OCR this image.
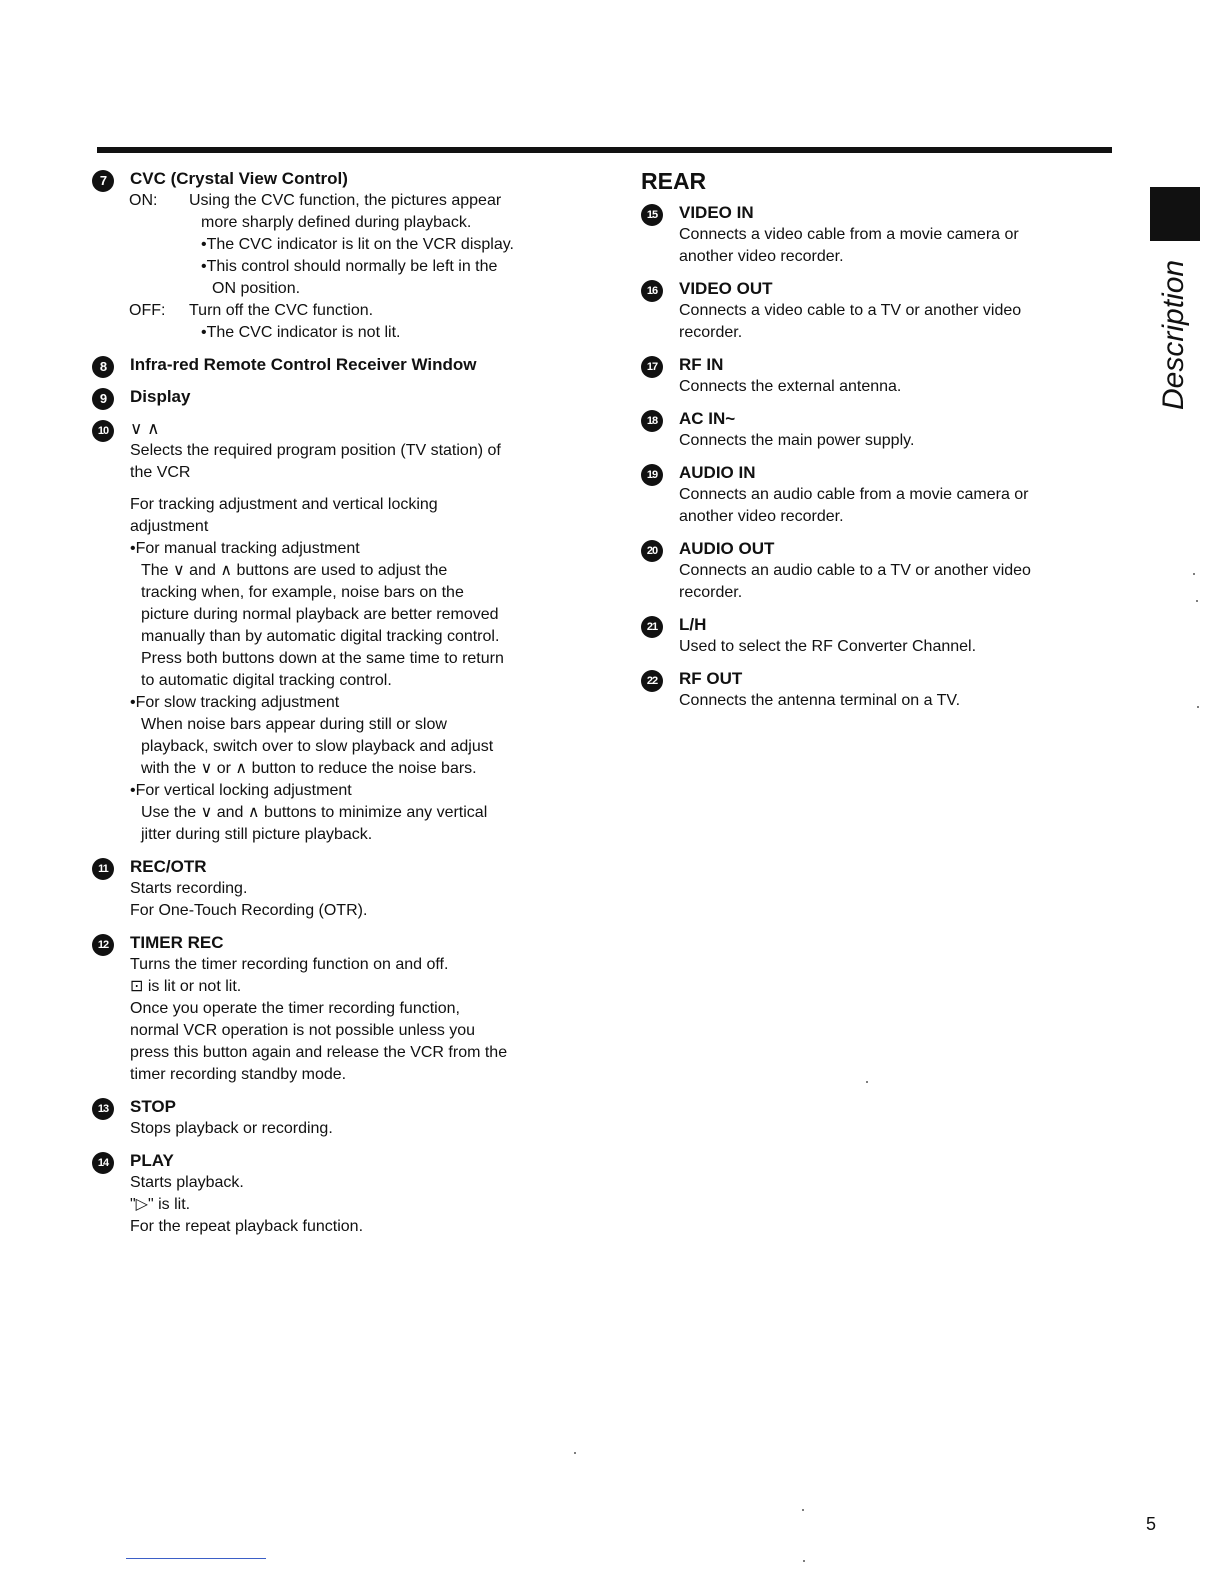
Description
7	CVC (Crystal View Control)

ON:	Using the CVC function, the pictures appear

more sharply defined during playback.

•The CVC indicator is lit on the VCR display.

•This control should normally be left in the

ON position.

OFF:	Turn off the CVC function.

•The CVC indicator is not lit.

8	Infra-red Remote Control Receiver Window

9	Display

10	∨ ∧

Selects the required program position (TV station) of

the VCR

For tracking adjustment and vertical locking

adjustment

•For manual tracking adjustment

The ∨ and ∧ buttons are used to adjust the

tracking when, for example, noise bars on the

picture during normal playback are better removed

manually than by automatic digital tracking control.

Press both buttons down at the same time to return

to automatic digital tracking control.

•For slow tracking adjustment

When noise bars appear during still or slow

playback, switch over to slow playback and adjust

with the ∨ or ∧ button to reduce the noise bars.

•For vertical locking adjustment

Use the ∨ and ∧ buttons to minimize any vertical

jitter during still picture playback.

11	REC/OTR

Starts recording.

For One-Touch Recording (OTR).

12	TIMER REC

Turns the timer recording function on and off.

⊡ is lit or not lit.

Once you operate the timer recording function,

normal VCR operation is not possible unless you

press this button again and release the VCR from the

timer recording standby mode.

13	STOP

Stops playback or recording.

14	PLAY

Starts playback.

"▷" is lit.

For the repeat playback function.

REAR

15	VIDEO IN

Connects a video cable from a movie camera or

another video recorder.

16	VIDEO OUT

Connects a video cable to a TV or another video

recorder.

17	RF IN

Connects the external antenna.

18	AC IN~

Connects the main power supply.

19	AUDIO IN

Connects an audio cable from a movie camera or

another video recorder.

20	AUDIO OUT

Connects an audio cable to a TV or another video

recorder.

21	L/H

Used to select the RF Converter Channel.

22	RF OUT

Connects the antenna terminal on a TV.

5
